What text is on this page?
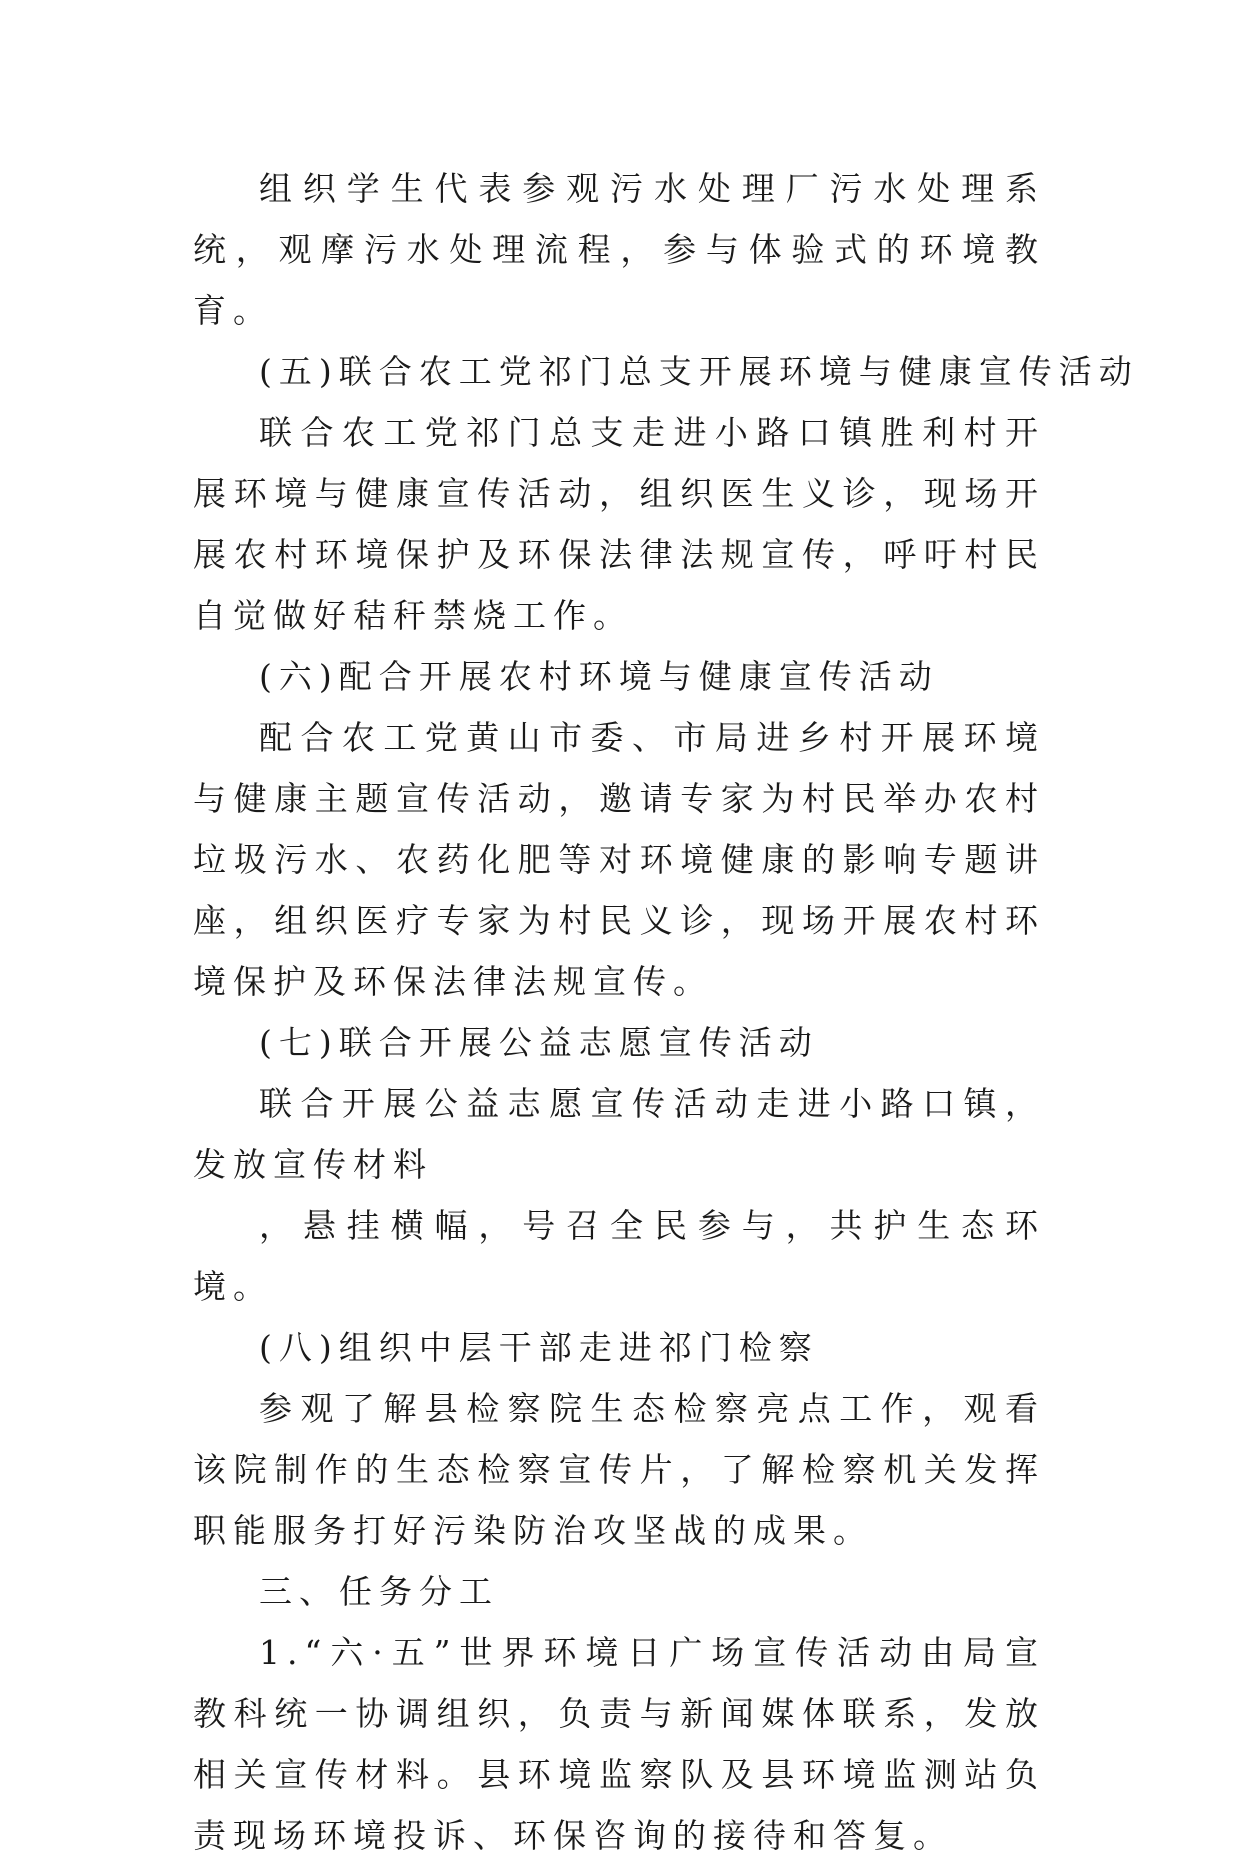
组织学生代表参观污水处理厂污水处理系统，观摩污水处理流程，参与体验式的环境教育。

(五)联合农工党祁门总支开展环境与健康宣传活动

联合农工党祁门总支走进小路口镇胜利村开展环境与健康宣传活动，组织医生义诊，现场开展农村环境保护及环保法律法规宣传，呼吁村民自觉做好秸秆禁烧工作。

(六)配合开展农村环境与健康宣传活动

配合农工党黄山市委、市局进乡村开展环境与健康主题宣传活动，邀请专家为村民举办农村垃圾污水、农药化肥等对环境健康的影响专题讲座，组织医疗专家为村民义诊，现场开展农村环境保护及环保法律法规宣传。

(七)联合开展公益志愿宣传活动

联合开展公益志愿宣传活动走进小路口镇，发放宣传材料

，悬挂横幅，号召全民参与，共护生态环境。

(八)组织中层干部走进祁门检察

参观了解县检察院生态检察亮点工作，观看该院制作的生态检察宣传片，了解检察机关发挥职能服务打好污染防治攻坚战的成果。

三、任务分工

1.“六·五”世界环境日广场宣传活动由局宣教科统一协调组织，负责与新闻媒体联系，发放相关宣传材料。县环境监察队及县环境监测站负责现场环境投诉、环保咨询的接待和答复。
